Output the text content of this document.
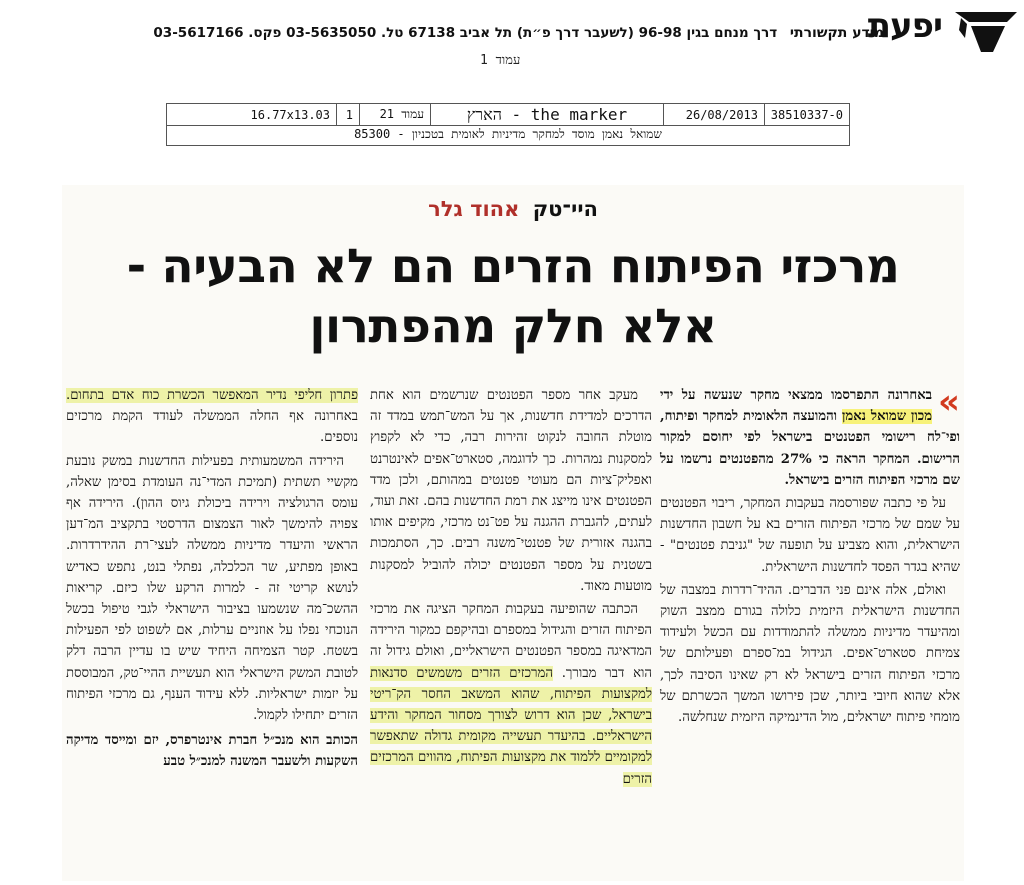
יפעת
מידע תקשורתי דרך מנחם בגין 96-98 (לשעבר דרך פ״ת) תל אביב 67138 טל. 03-5635050 פקס. 03-5617166
עמוד 1
38510337-0
26/08/2013
the marker - הארץ
עמוד 21
1
16.77x13.03
שמואל נאמן מוסד למחקר מדיניות לאומית בטכניון - 85300
היי־טק אהוד גלר
מרכזי הפיתוח הזרים הם לא הבעיה -
אלא חלק מהפתרון

»
באחרונה התפרסמו ממצאי מחקר שנעשה על ידי מכון שמואל נאמן והמועצה הלאומית למחקר ופיתוח, ופי־לח רישומי הפטנטים בישראל לפי יחוסם למקור הרישום. המחקר הראה כי 27% מהפטנטים נרשמו על שם מרכזי הפיתוח הזרים בישראל.

על פי כתבה שפורסמה בעקבות המחקר, ריבוי הפטנטים על שמם של מרכזי הפיתוח הזרים בא על חשבון החדשנות הישראלית, והוא מצביע על תופעה של "גניבת פטנטים" - שהיא בגדר הפסד לחדשנות הישראלית.

ואולם, אלה אינם פני הדברים. ההיד־רדרות במצבה של החדשנות הישראלית היזמית כלולה בגורם ממצב השוק ומהיעדר מדיניות ממשלה להתמודדות עם הכשל ולעידוד צמיחת סטארט־אפים. הגידול במ־ספרם ופעילותם של מרכזי הפיתוח הזרים בישראל לא רק שאינו הסיבה לכך, אלא שהוא חיובי ביותר, שכן פירושו המשך הכשרתם של מומחי פיתוח ישראלים, מול הדינמיקה היזמית שנחלשה.

מעקב אחר מספר הפטנטים שנרשמים הוא אחת הדרכים למדידת חדשנות, אך על המש־תמש במדד זה מוטלת החובה לנקוט זהירות רבה, כדי לא לקפוץ למסקנות נמהרות. כך לדוגמה, סטארט־אפים לאינטרנט ואפליק־ציות הם מעוטי פטנטים במהותם, ולכן מדד הפטנטים אינו מייצג את רמת החדשנות בהם. זאת ועוד, לעתים, להגברת ההגנה על פט־נט מרכזי, מקיפים אותו בהגנה אזורית של פטנטי־משנה רבים. כך, הסתמכות בשטנית על מספר הפטנטים יכולה להוביל למסקנות מוטעות מאוד.

הכתבה שהופיעה בעקבות המחקר הציגה את מרכזי הפיתוח הזרים והגידול במספרם ובהיקפם כמקור הירידה המדאיגה במספר הפטנטים הישראליים, ואולם גידול זה הוא דבר מבורך. המרכזים הזרים משמשים סדנאות למקצועות הפיתוח, שהוא המשאב החסר הק־ריטי בישראל, שכן הוא דרוש לצורך מסחור המחקר והידע הישראליים. בהיעדר תעשייה מקומית גדולה שתאפשר למקומיים ללמוד את מקצועות הפיתוח, מהווים המרכזים הזרים

פתרון חליפי נדיר המאפשר הכשרת כוח אדם בתחום. באחרונה אף החלה הממשלה לעודד הקמת מרכזים נוספים.

הירידה המשמעותית בפעילות החדשנות במשק נובעת מקשיי תשתית (תמיכת המדי־נה העומדת בסימן שאלה, עומס הרגולציה וירידה ביכולת גיוס ההון). הירידה אף צפויה להימשך לאור הצמצום הדרסטי בתקציב המ־דען הראשי והיעדר מדיניות ממשלה לעצי־רת ההידרדרות. באופן מפתיע, שר הכלכלה, נפתלי בנט, נתפש כאדיש לנושא קריטי זה - למרות הרקע שלו כיזם. קריאות ההשכ־מה שנשמעו בציבור הישראלי לגבי טיפול בכשל הנוכחי נפלו על אוזניים ערלות, אם לשפוט לפי הפעילות בשטח. קטר הצמיחה היחיד שיש בו עדיין הרבה דלק לטובת המשק הישראלי הוא תעשיית ההיי־טק, המבוססת על יזמות ישראליות. ללא עידוד הענף, גם מרכזי הפיתוח הזרים יתחילו לקמול.

הכותב הוא מנכ״ל חברת אינטרפרס, יזם ומייסד מדיקה השקעות ולשעבר המשנה למנכ״ל טבע
